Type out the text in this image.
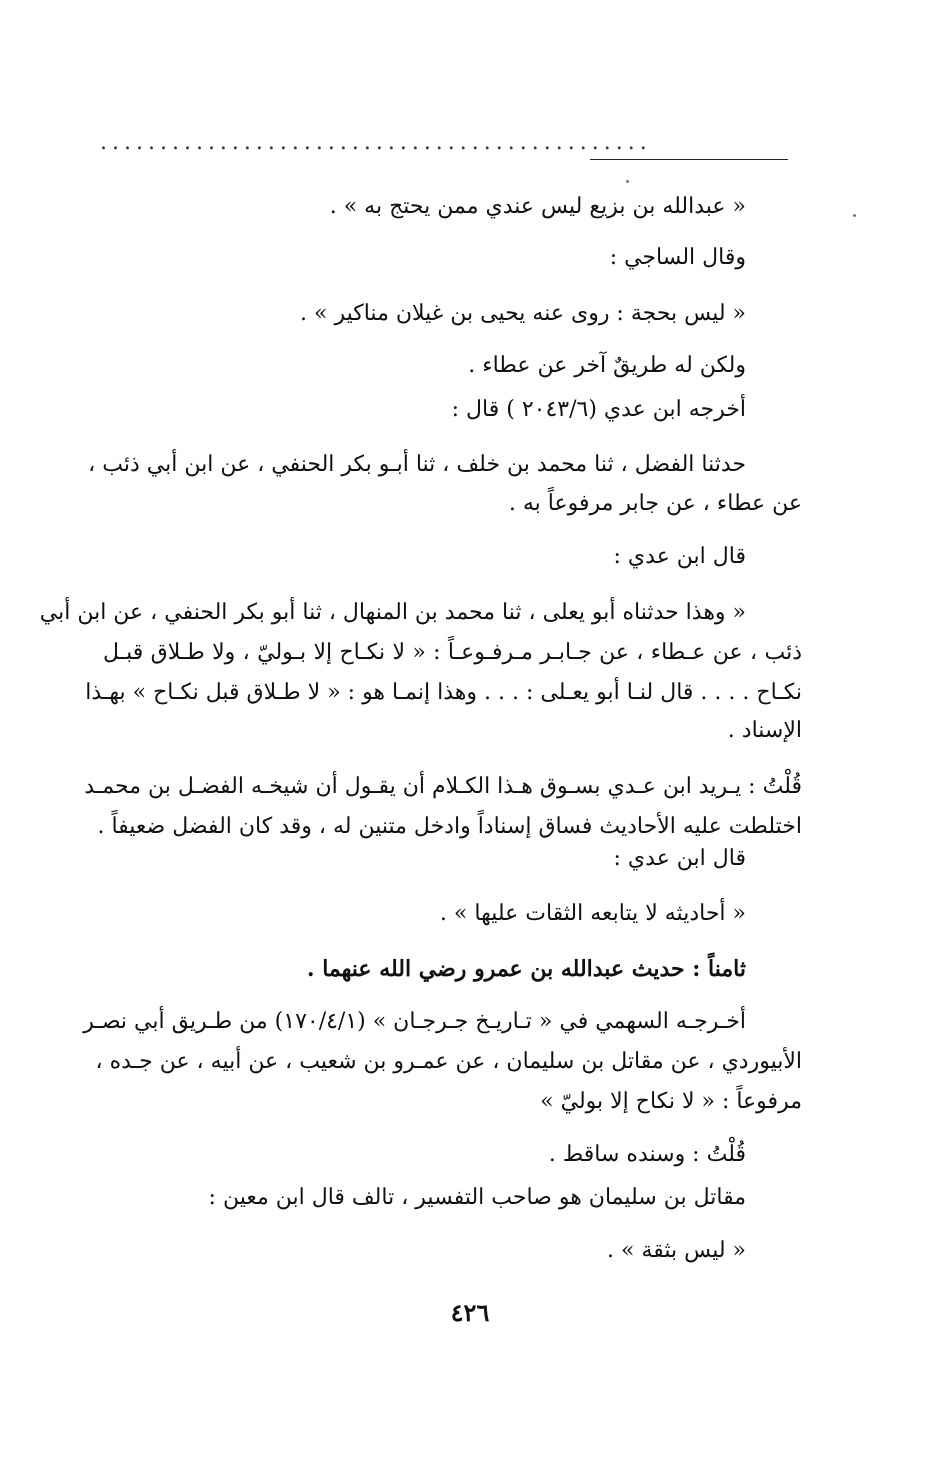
..............................................
« عبدالله بن بزيع ليس عندي ممن يحتج به » .
وقال الساجي :
« ليس بحجة : روى عنه يحيى بن غيلان مناكير » .
ولكن له طريقٌ آخر عن عطاء .
أخرجه ابن عدي (٢٠٤٣/٦ ) قال :
حدثنا الفضل ، ثنا محمد بن خلف ، ثنا أبـو بكر الحنفي ، عن ابن أبي ذئب ،
عن عطاء ، عن جابر مرفوعاً به .
قال ابن عدي :
« وهذا حدثناه أبو يعلى ، ثنا محمد بن المنهال ، ثنا أبو بكر الحنفي ، عن ابن أبي
ذئب ، عن عـطاء ، عن جـابـر مـرفـوعـاً : « لا نكـاح إلا بـوليّ ، ولا طـلاق قبـل
نكـاح . . . . قال لنـا أبو يعـلى : . . . وهذا إنمـا هو : « لا طـلاق قبل نكـاح » بهـذا
الإسناد .
قُلْتُ : يـريد ابن عـدي بسـوق هـذا الكـلام أن يقـول أن شيخـه الفضـل بن محمـد
اختلطت عليه الأحاديث فساق إسناداً وادخل متنين له ، وقد كان الفضل ضعيفاً .
قال ابن عدي :
« أحاديثه لا يتابعه الثقات عليها » .
ثامناً : حديث عبدالله بن عمرو رضي الله عنهما .
أخـرجـه السهمي في « تـاريـخ جـرجـان » (١٧٠/٤/١) من طـريق أبي نصـر
الأبيوردي ، عن مقاتل بن سليمان ، عن عمـرو بن شعيب ، عن أبيه ، عن جـده ،
مرفوعاً : « لا نكاح إلا بوليّ »
قُلْتُ : وسنده ساقط .
مقاتل بن سليمان هو صاحب التفسير ، تالف قال ابن معين :
« ليس بثقة » .
٤٢٦
